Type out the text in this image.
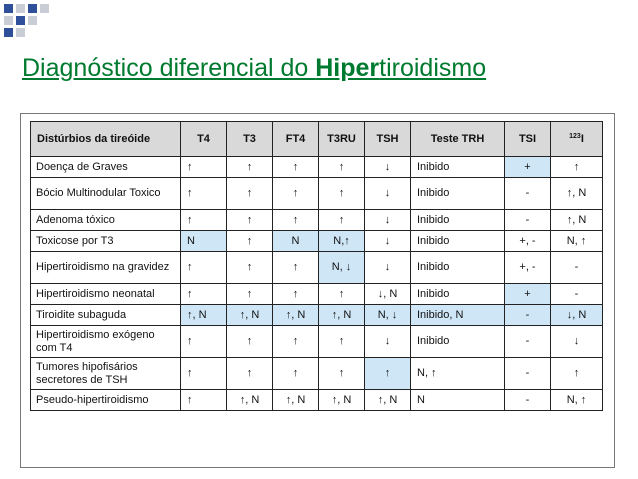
Diagnóstico diferencial do Hipertiroidismo
Distúrbios da tireóide	T4	T3	FT4	T3RU	TSH	Teste TRH	TSI	$^{123}$I
Doença de Graves	↑	↑	↑	↑	↓	Inibido	+	↑
Bócio Multinodular Toxico	↑	↑	↑	↑	↓	Inibido	-	↑, N
Adenoma tóxico	↑	↑	↑	↑	↓	Inibido	-	↑, N
Toxicose por T3	N	↑	N	N,↑	↓	Inibido	+, -	N, ↑
Hipertiroidismo na gravidez	↑	↑	↑	N, ↓	↓	Inibido	+, -	-
Hipertiroidismo neonatal	↑	↑	↑	↑	↓, N	Inibido	+	-
Tiroidite subaguda	↑, N	↑, N	↑, N	↑, N	N, ↓	Inibido, N	-	↓, N
Hipertiroidismo exógeno com T4	↑	↑	↑	↑	↓	Inibido	-	↓
Tumores hipofisários secretores de TSH	↑	↑	↑	↑	↑	N, ↑	-	↑
Pseudo-hipertiroidismo	↑	↑, N	↑, N	↑, N	↑, N	N	-	N, ↑
